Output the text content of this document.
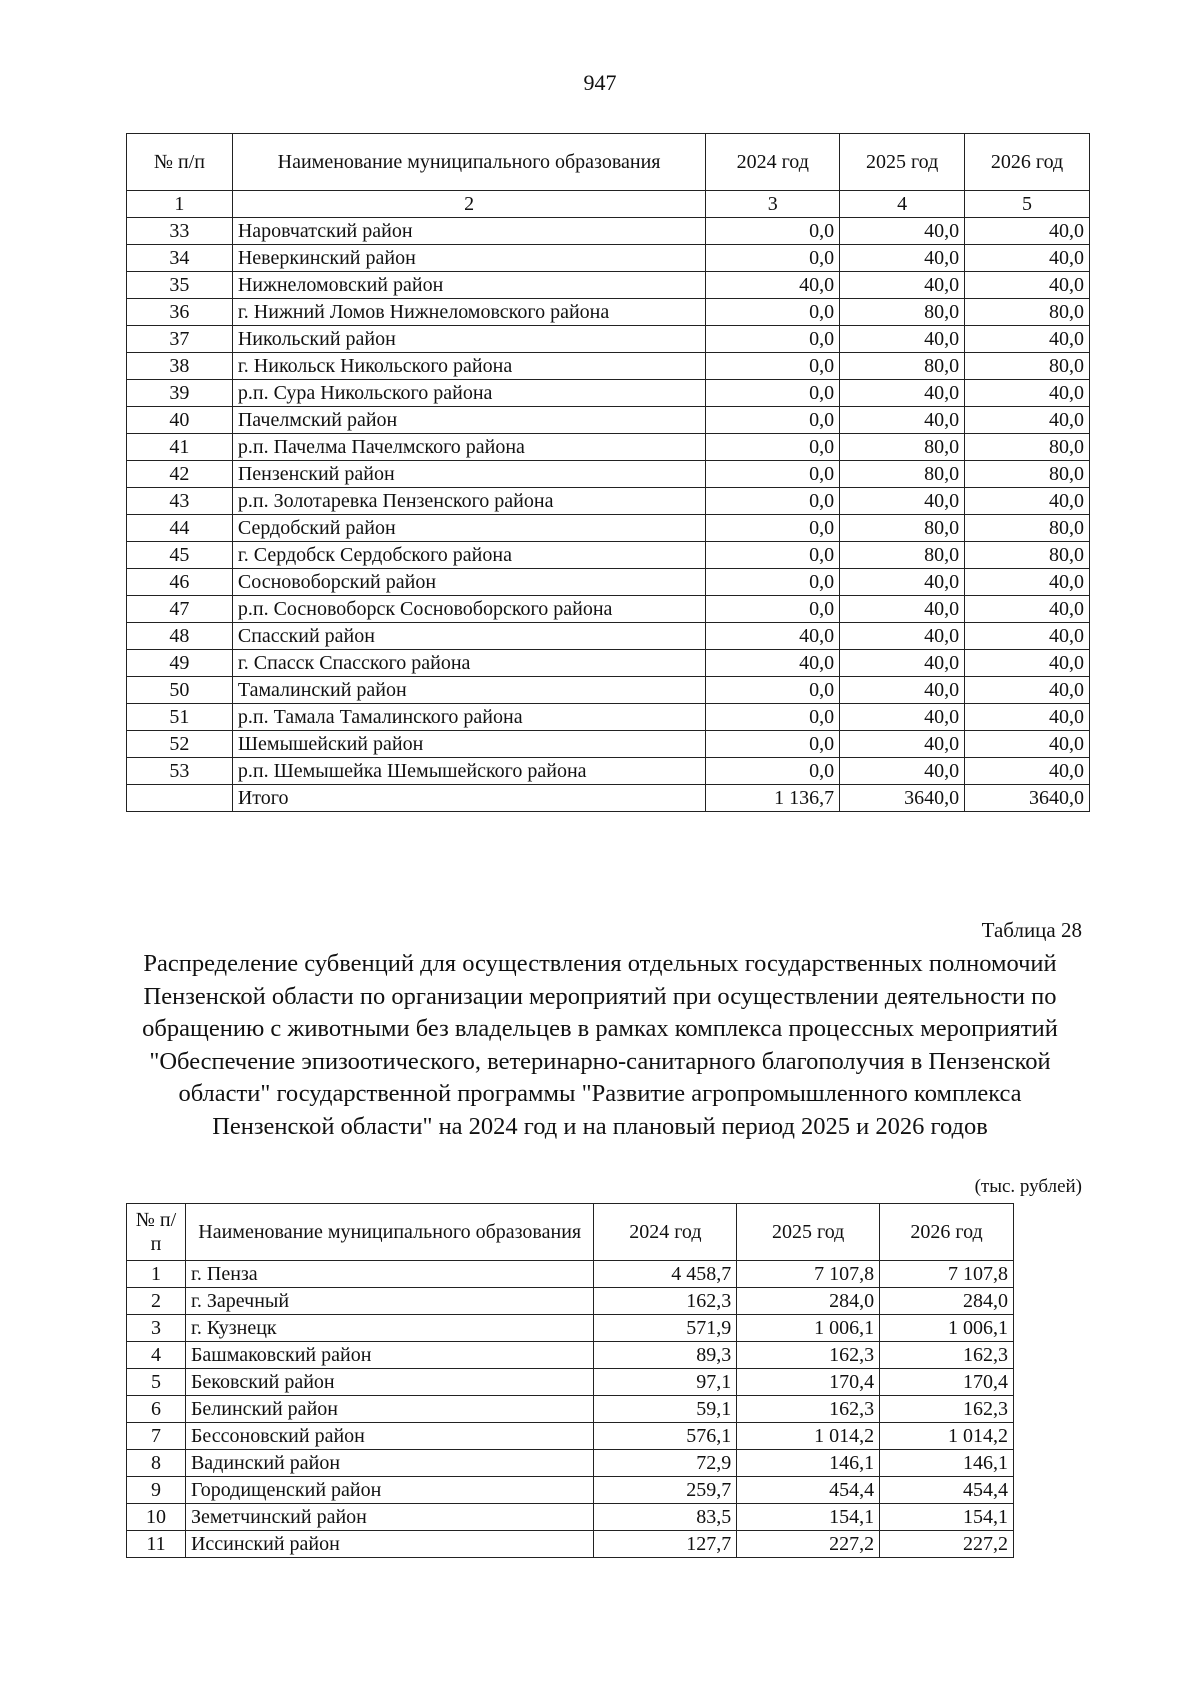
947
№ п/п	Наименование муниципального образования	2024 год	2025 год	2026 год
1	2	3	4	5
33	Наровчатский район	0,0	40,0	40,0
34	Неверкинский район	0,0	40,0	40,0
35	Нижнеломовский район	40,0	40,0	40,0
36	г. Нижний Ломов Нижнеломовского района	0,0	80,0	80,0
37	Никольский район	0,0	40,0	40,0
38	г. Никольск Никольского района	0,0	80,0	80,0
39	р.п. Сура Никольского района	0,0	40,0	40,0
40	Пачелмский район	0,0	40,0	40,0
41	р.п. Пачелма Пачелмского района	0,0	80,0	80,0
42	Пензенский район	0,0	80,0	80,0
43	р.п. Золотаревка Пензенского района	0,0	40,0	40,0
44	Сердобский район	0,0	80,0	80,0
45	г. Сердобск Сердобского района	0,0	80,0	80,0
46	Сосновоборский район	0,0	40,0	40,0
47	р.п. Сосновоборск Сосновоборского района	0,0	40,0	40,0
48	Спасский район	40,0	40,0	40,0
49	г. Спасск Спасского района	40,0	40,0	40,0
50	Тамалинский район	0,0	40,0	40,0
51	р.п. Тамала Тамалинского района	0,0	40,0	40,0
52	Шемышейский район	0,0	40,0	40,0
53	р.п. Шемышейка Шемышейского района	0,0	40,0	40,0
	Итого	1 136,7	3640,0	3640,0
Таблица 28
Распределение субвенций для осуществления отдельных государственных полномочий Пензенской области по организации мероприятий при осуществлении деятельности по обращению с животными без владельцев в рамках комплекса процессных мероприятий "Обеспечение эпизоотического, ветеринарно-санитарного благополучия в Пензенской области" государственной программы "Развитие агропромышленного комплекса Пензенской области" на 2024 год и на плановый период 2025 и 2026 годов
(тыс. рублей)
№ п/п	Наименование муниципального образования	2024 год	2025 год	2026 год
1	г. Пенза	4 458,7	7 107,8	7 107,8
2	г. Заречный	162,3	284,0	284,0
3	г. Кузнецк	571,9	1 006,1	1 006,1
4	Башмаковский район	89,3	162,3	162,3
5	Бековский район	97,1	170,4	170,4
6	Белинский район	59,1	162,3	162,3
7	Бессоновский район	576,1	1 014,2	1 014,2
8	Вадинский район	72,9	146,1	146,1
9	Городищенский район	259,7	454,4	454,4
10	Земетчинский район	83,5	154,1	154,1
11	Иссинский район	127,7	227,2	227,2
